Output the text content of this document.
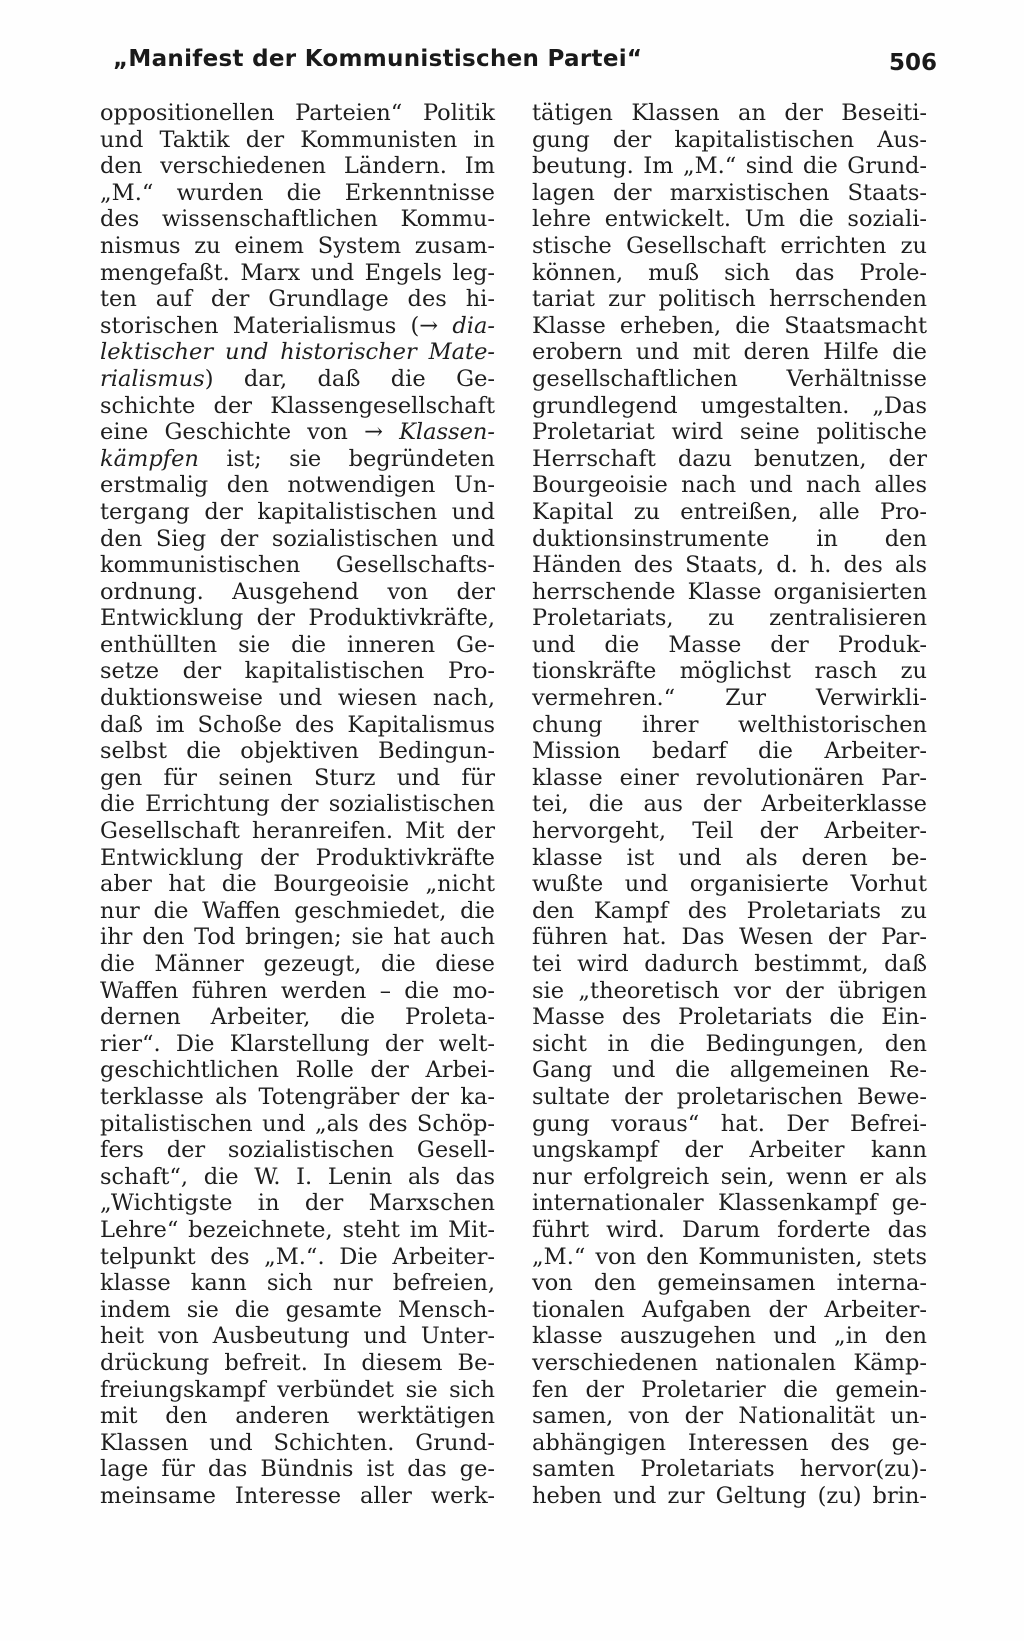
„Manifest der Kommunistischen Partei“	506
oppositionellen Parteien“ Politik
und Taktik der Kommunisten in
den verschiedenen Ländern. Im
„M.“ wurden die Erkenntnisse
des wissenschaftlichen Kommu-
nismus zu einem System zusam-
mengefaßt. Marx und Engels leg-
ten auf der Grundlage des hi-
storischen Materialismus (→ dia-
lektischer und historischer Mate-
rialismus) dar, daß die Ge-
schichte der Klassengesellschaft
eine Geschichte von → Klassen-
kämpfen ist; sie begründeten
erstmalig den notwendigen Un-
tergang der kapitalistischen und
den Sieg der sozialistischen und
kommunistischen Gesellschafts-
ordnung. Ausgehend von der
Entwicklung der Produktivkräfte,
enthüllten sie die inneren Ge-
setze der kapitalistischen Pro-
duktionsweise und wiesen nach,
daß im Schoße des Kapitalismus
selbst die objektiven Bedingun-
gen für seinen Sturz und für
die Errichtung der sozialistischen
Gesellschaft heranreifen. Mit der
Entwicklung der Produktivkräfte
aber hat die Bourgeoisie „nicht
nur die Waffen geschmiedet, die
ihr den Tod bringen; sie hat auch
die Männer gezeugt, die diese
Waffen führen werden – die mo-
dernen Arbeiter, die Proleta-
rier“. Die Klarstellung der welt-
geschichtlichen Rolle der Arbei-
terklasse als Totengräber der ka-
pitalistischen und „als des Schöp-
fers der sozialistischen Gesell-
schaft“, die W. I. Lenin als das
„Wichtigste in der Marxschen
Lehre“ bezeichnete, steht im Mit-
telpunkt des „M.“. Die Arbeiter-
klasse kann sich nur befreien,
indem sie die gesamte Mensch-
heit von Ausbeutung und Unter-
drückung befreit. In diesem Be-
freiungskampf verbündet sie sich
mit den anderen werktätigen
Klassen und Schichten. Grund-
lage für das Bündnis ist das ge-
meinsame Interesse aller werk-
tätigen Klassen an der Beseiti-
gung der kapitalistischen Aus-
beutung. Im „M.“ sind die Grund-
lagen der marxistischen Staats-
lehre entwickelt. Um die soziali-
stische Gesellschaft errichten zu
können, muß sich das Prole-
tariat zur politisch herrschenden
Klasse erheben, die Staatsmacht
erobern und mit deren Hilfe die
gesellschaftlichen Verhältnisse
grundlegend umgestalten. „Das
Proletariat wird seine politische
Herrschaft dazu benutzen, der
Bourgeoisie nach und nach alles
Kapital zu entreißen, alle Pro-
duktionsinstrumente in den
Händen des Staats, d. h. des als
herrschende Klasse organisierten
Proletariats, zu zentralisieren
und die Masse der Produk-
tionskräfte möglichst rasch zu
vermehren.“ Zur Verwirkli-
chung ihrer welthistorischen
Mission bedarf die Arbeiter-
klasse einer revolutionären Par-
tei, die aus der Arbeiterklasse
hervorgeht, Teil der Arbeiter-
klasse ist und als deren be-
wußte und organisierte Vorhut
den Kampf des Proletariats zu
führen hat. Das Wesen der Par-
tei wird dadurch bestimmt, daß
sie „theoretisch vor der übrigen
Masse des Proletariats die Ein-
sicht in die Bedingungen, den
Gang und die allgemeinen Re-
sultate der proletarischen Bewe-
gung voraus“ hat. Der Befrei-
ungskampf der Arbeiter kann
nur erfolgreich sein, wenn er als
internationaler Klassenkampf ge-
führt wird. Darum forderte das
„M.“ von den Kommunisten, stets
von den gemeinsamen interna-
tionalen Aufgaben der Arbeiter-
klasse auszugehen und „in den
verschiedenen nationalen Kämp-
fen der Proletarier die gemein-
samen, von der Nationalität un-
abhängigen Interessen des ge-
samten Proletariats hervor(zu)-
heben und zur Geltung (zu) brin-
